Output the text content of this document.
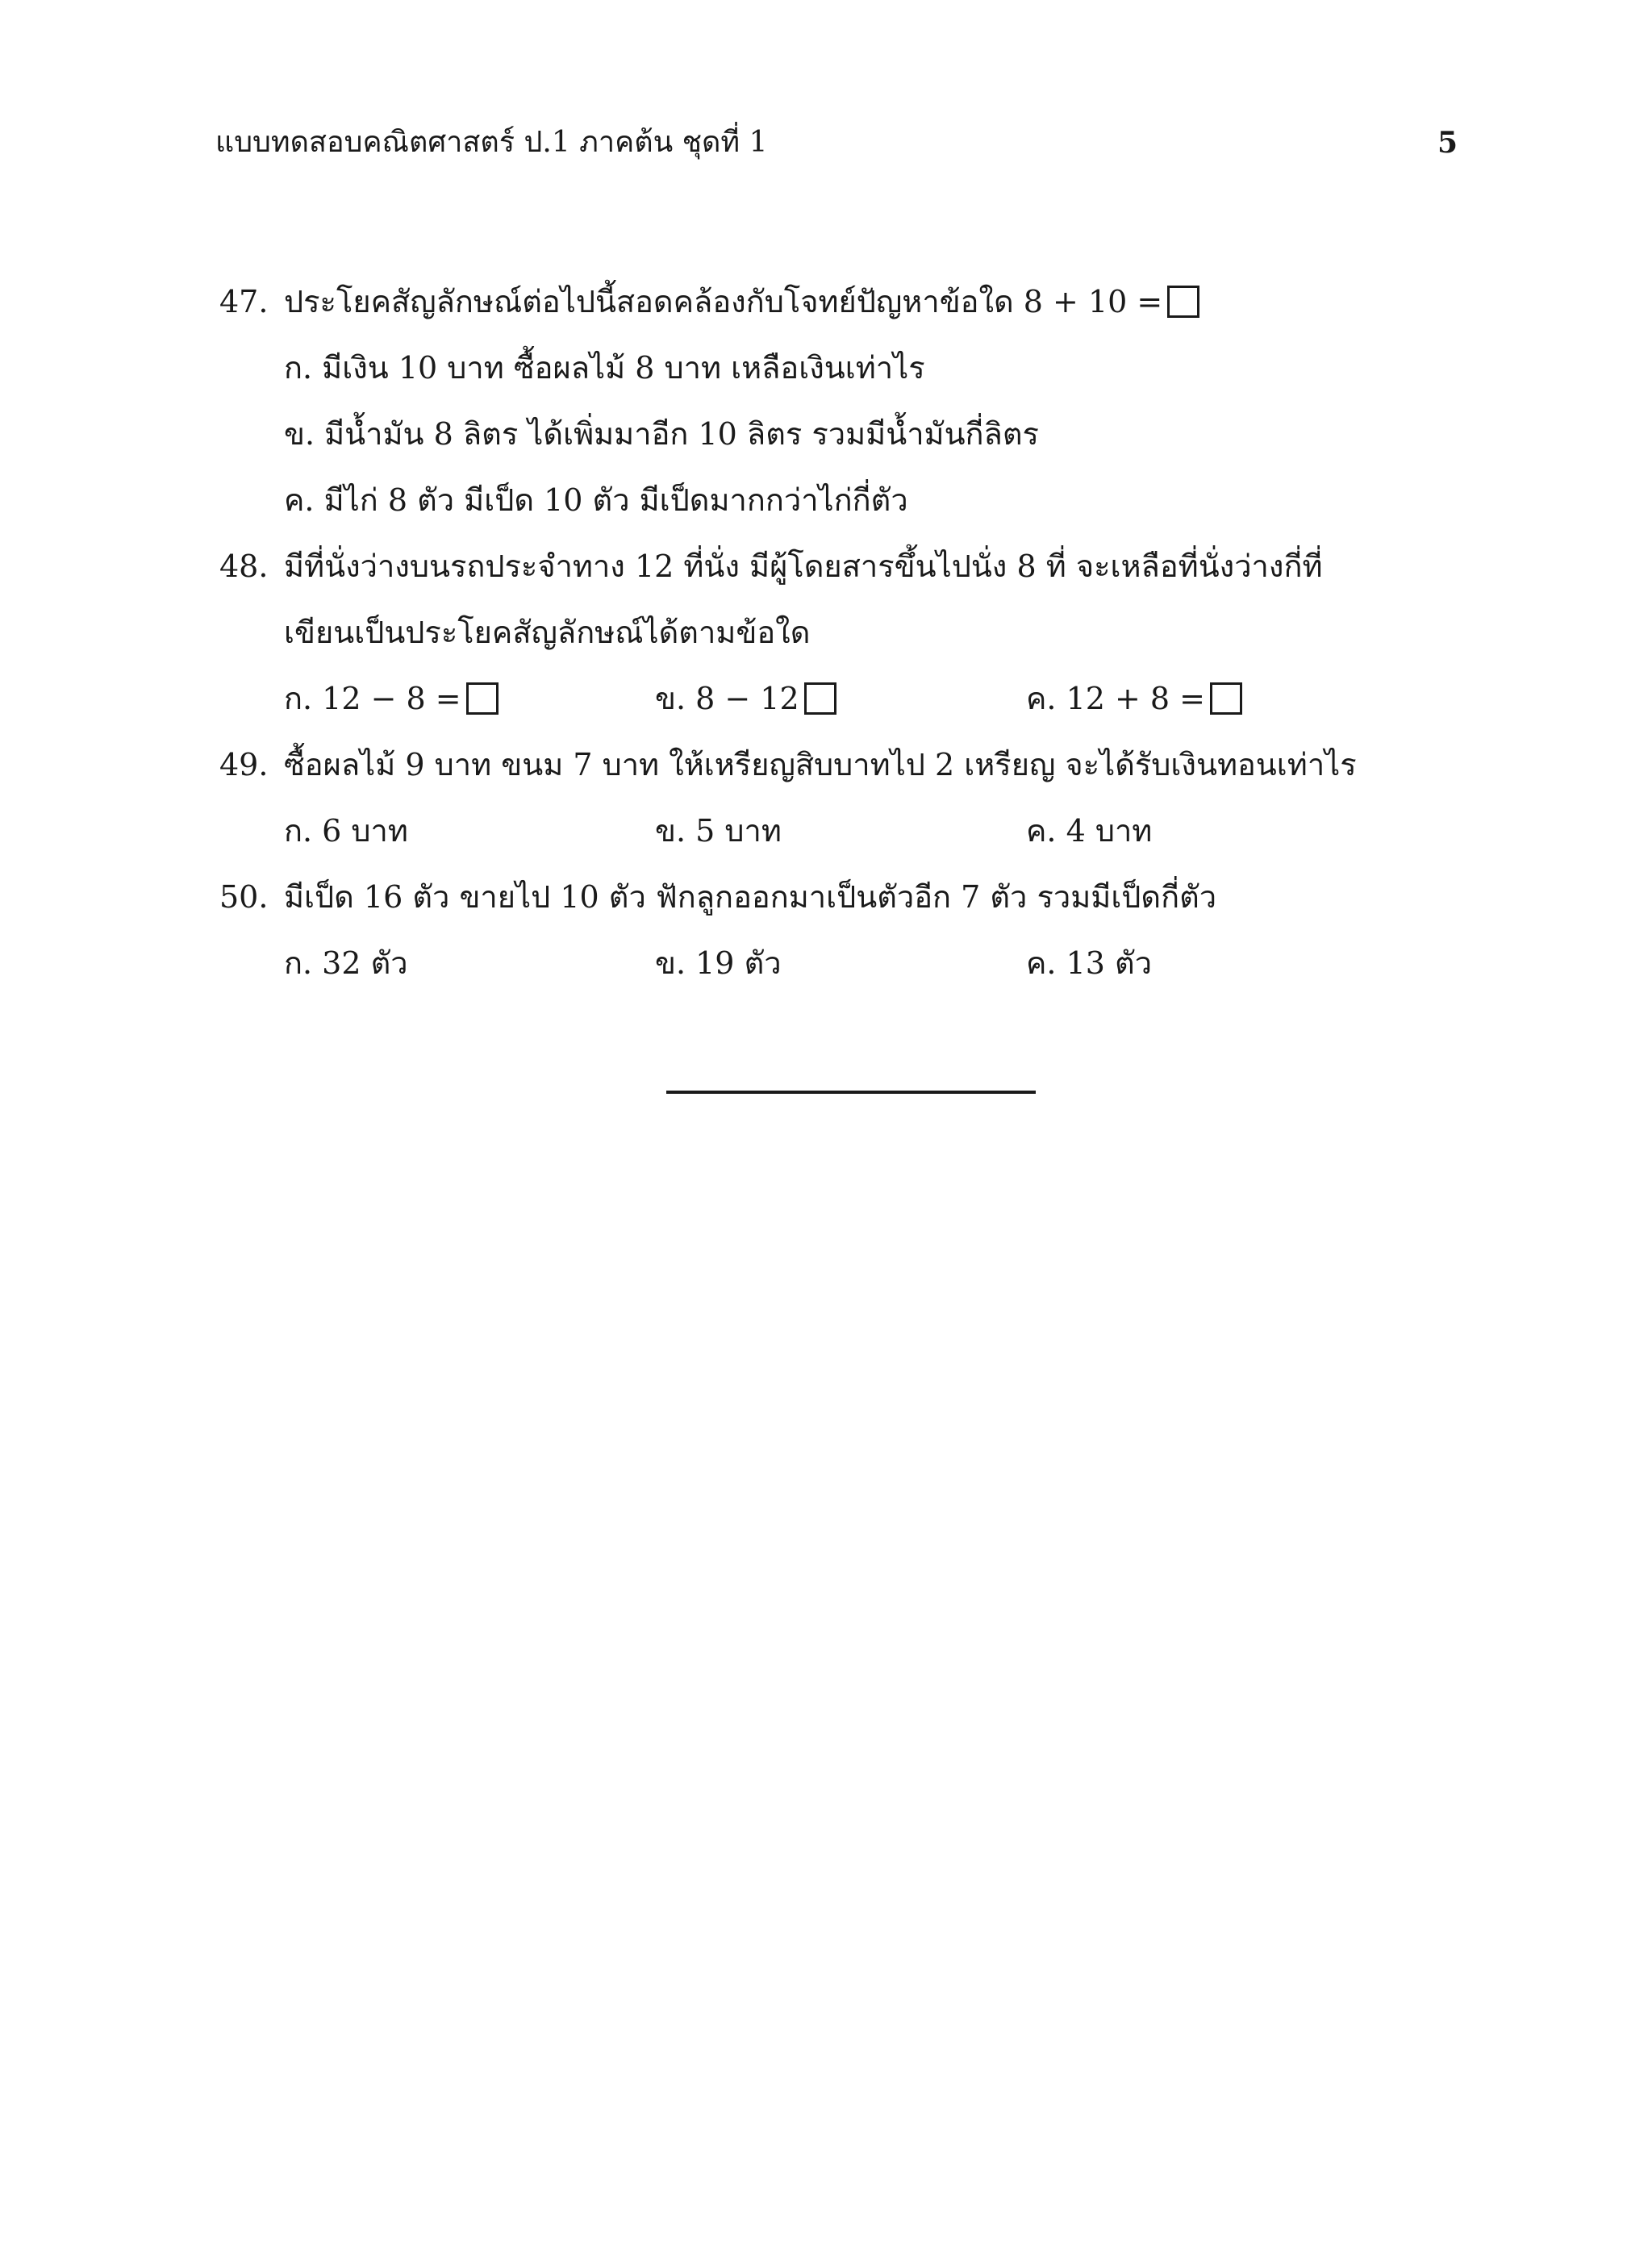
แบบทดสอบคณิตศาสตร์ ป.1 ภาคต้น ชุดที่ 1	5
47. ประโยคสัญลักษณ์ต่อไปนี้สอดคล้องกับโจทย์ปัญหาข้อใด 8 + 10 =
ก. มีเงิน 10 บาท ซื้อผลไม้ 8 บาท เหลือเงินเท่าไร
ข. มีน้ำมัน 8 ลิตร ได้เพิ่มมาอีก 10 ลิตร รวมมีน้ำมันกี่ลิตร
ค. มีไก่ 8 ตัว มีเป็ด 10 ตัว มีเป็ดมากกว่าไก่กี่ตัว
48. มีที่นั่งว่างบนรถประจำทาง 12 ที่นั่ง มีผู้โดยสารขึ้นไปนั่ง 8 ที่ จะเหลือที่นั่งว่างกี่ที่
เขียนเป็นประโยคสัญลักษณ์ได้ตามข้อใด
ก. 12 − 8 =	ข. 8 − 12	ค. 12 + 8 =
49. ซื้อผลไม้ 9 บาท ขนม 7 บาท ให้เหรียญสิบบาทไป 2 เหรียญ จะได้รับเงินทอนเท่าไร
ก. 6 บาท	ข. 5 บาท	ค. 4 บาท
50. มีเป็ด 16 ตัว ขายไป 10 ตัว ฟักลูกออกมาเป็นตัวอีก 7 ตัว รวมมีเป็ดกี่ตัว
ก. 32 ตัว	ข. 19 ตัว	ค. 13 ตัว
